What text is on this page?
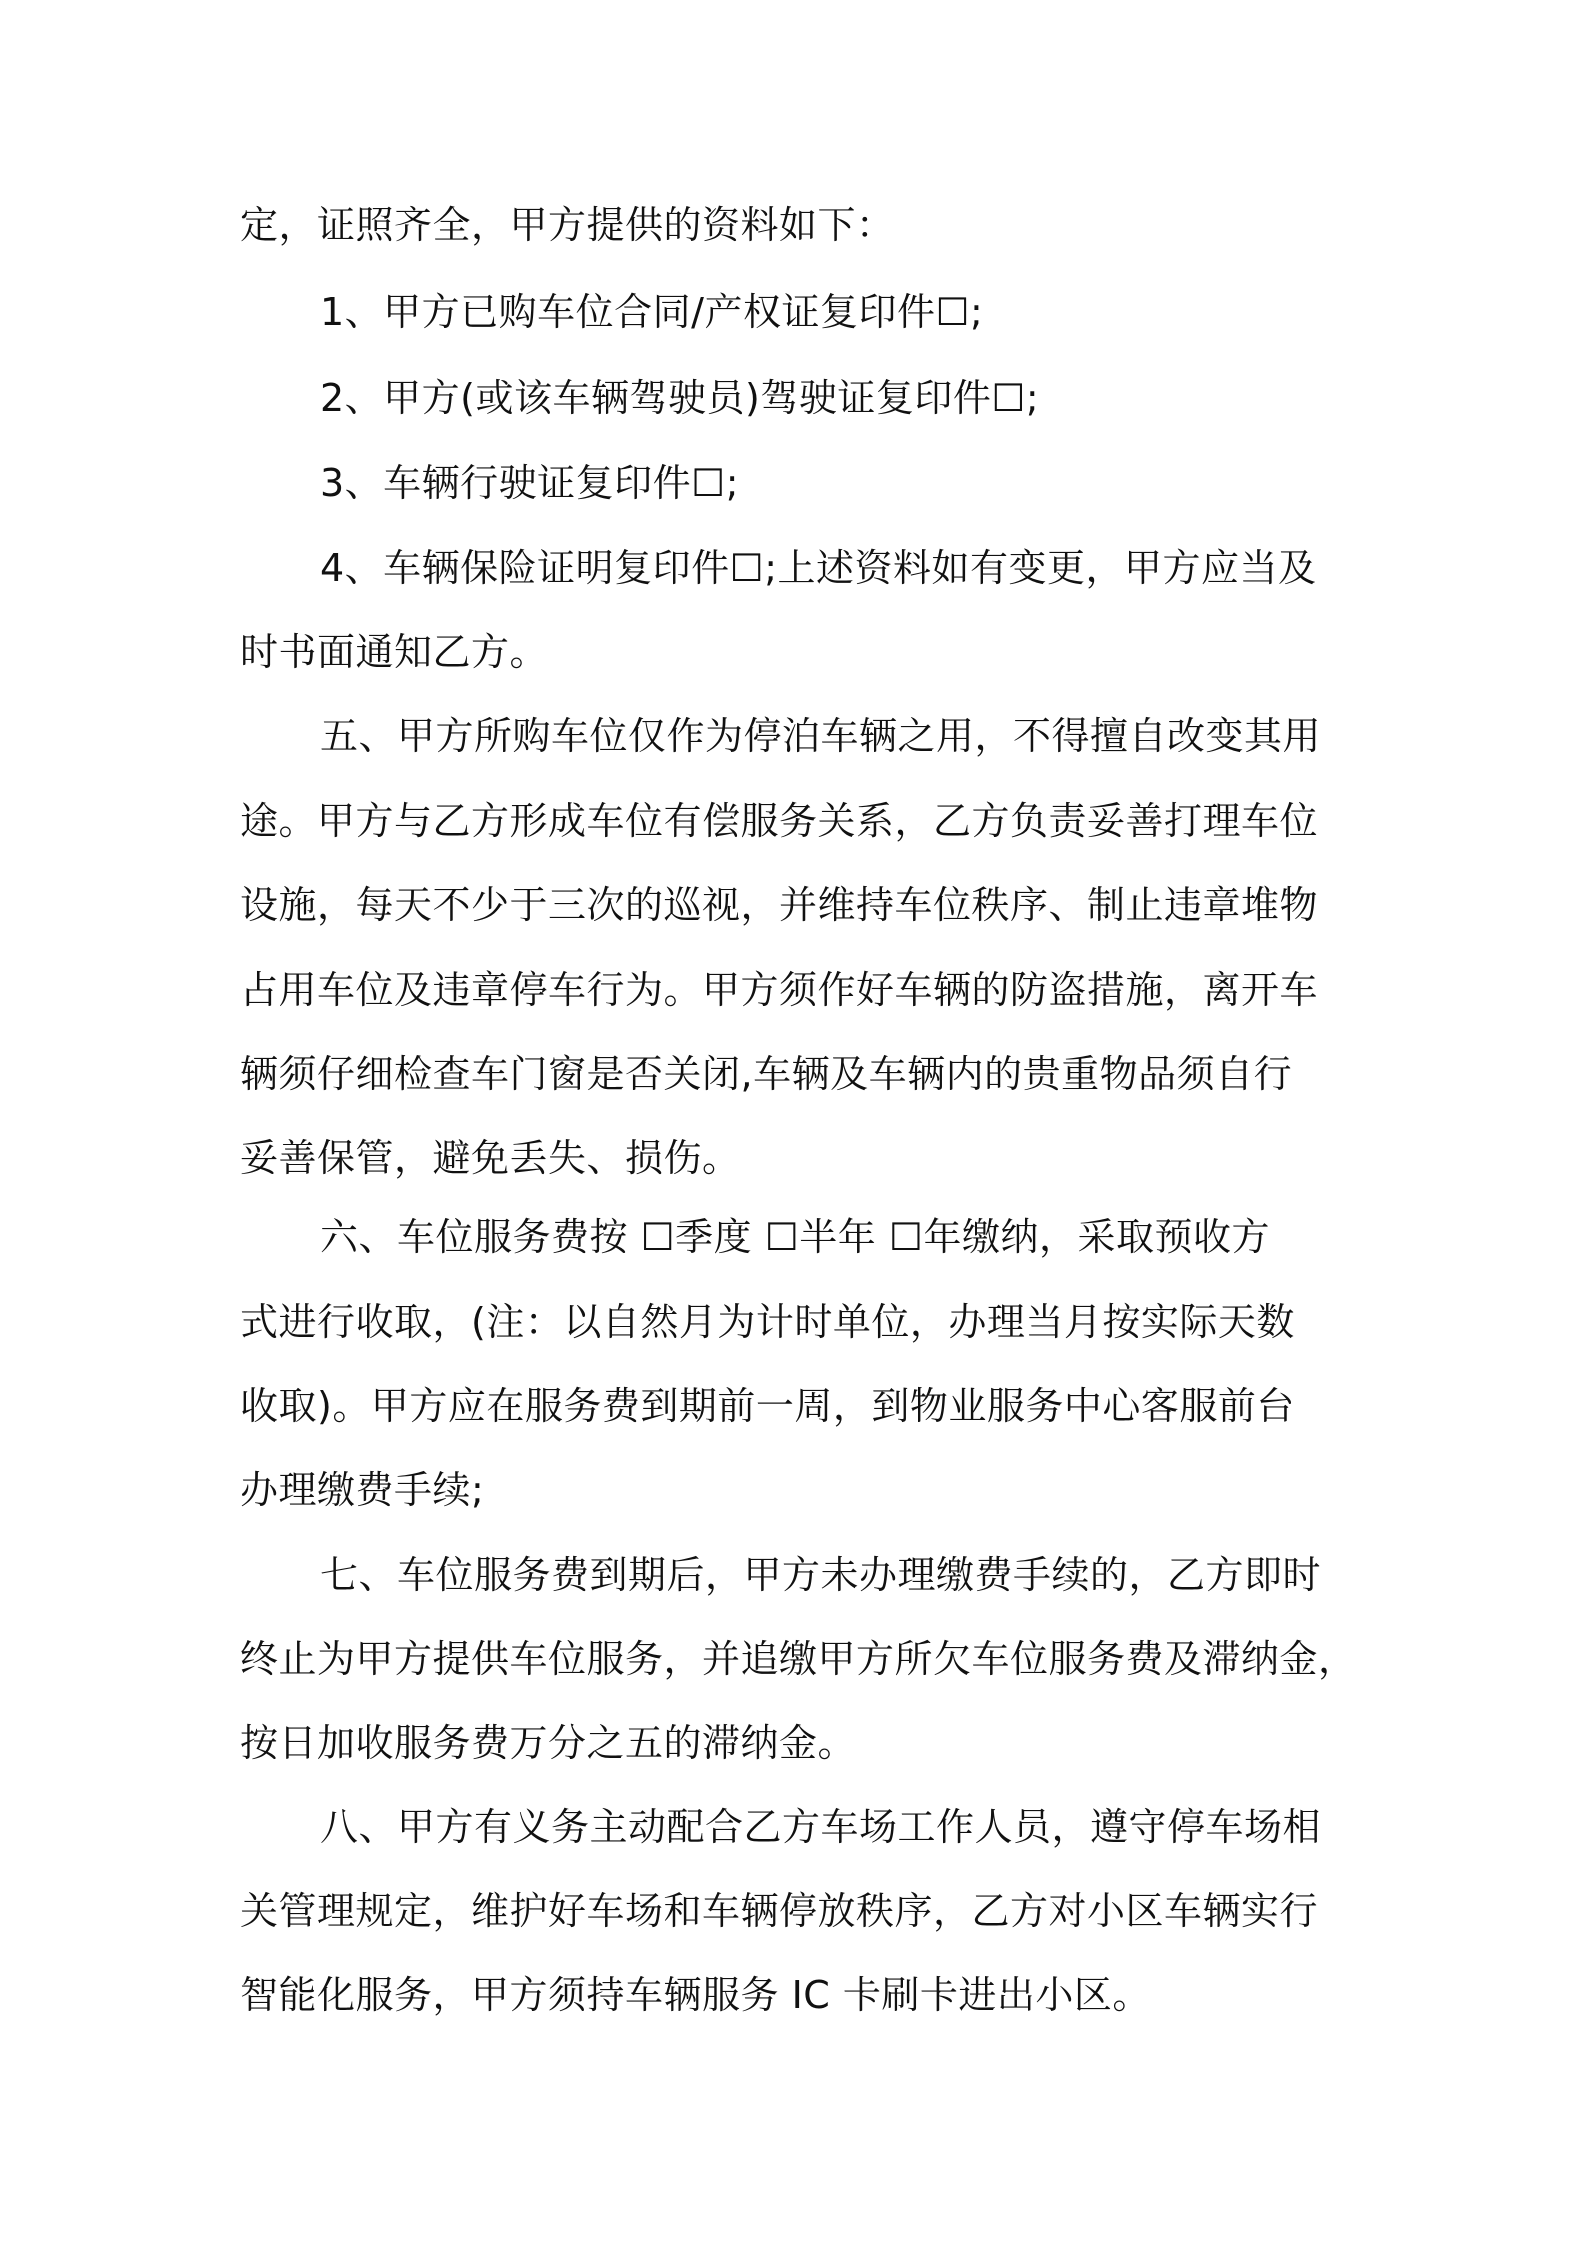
定，证照齐全，甲方提供的资料如下：
1、甲方已购车位合同/产权证复印件☐;
2、甲方(或该车辆驾驶员)驾驶证复印件☐;
3、车辆行驶证复印件☐;
4、车辆保险证明复印件☐;上述资料如有变更，甲方应当及
时书面通知乙方。
五、甲方所购车位仅作为停泊车辆之用，不得擅自改变其用
途。甲方与乙方形成车位有偿服务关系，乙方负责妥善打理车位
设施，每天不少于三次的巡视，并维持车位秩序、制止违章堆物
占用车位及违章停车行为。甲方须作好车辆的防盗措施，离开车
辆须仔细检查车门窗是否关闭,车辆及车辆内的贵重物品须自行
妥善保管，避免丢失、损伤。
六、车位服务费按 ☐季度 ☐半年 ☐年缴纳，采取预收方
式进行收取，(注：以自然月为计时单位，办理当月按实际天数
收取)。甲方应在服务费到期前一周，到物业服务中心客服前台
办理缴费手续;
七、车位服务费到期后，甲方未办理缴费手续的，乙方即时
终止为甲方提供车位服务，并追缴甲方所欠车位服务费及滞纳金，
按日加收服务费万分之五的滞纳金。
八、甲方有义务主动配合乙方车场工作人员，遵守停车场相
关管理规定，维护好车场和车辆停放秩序，乙方对小区车辆实行
智能化服务，甲方须持车辆服务 IC 卡刷卡进出小区。
